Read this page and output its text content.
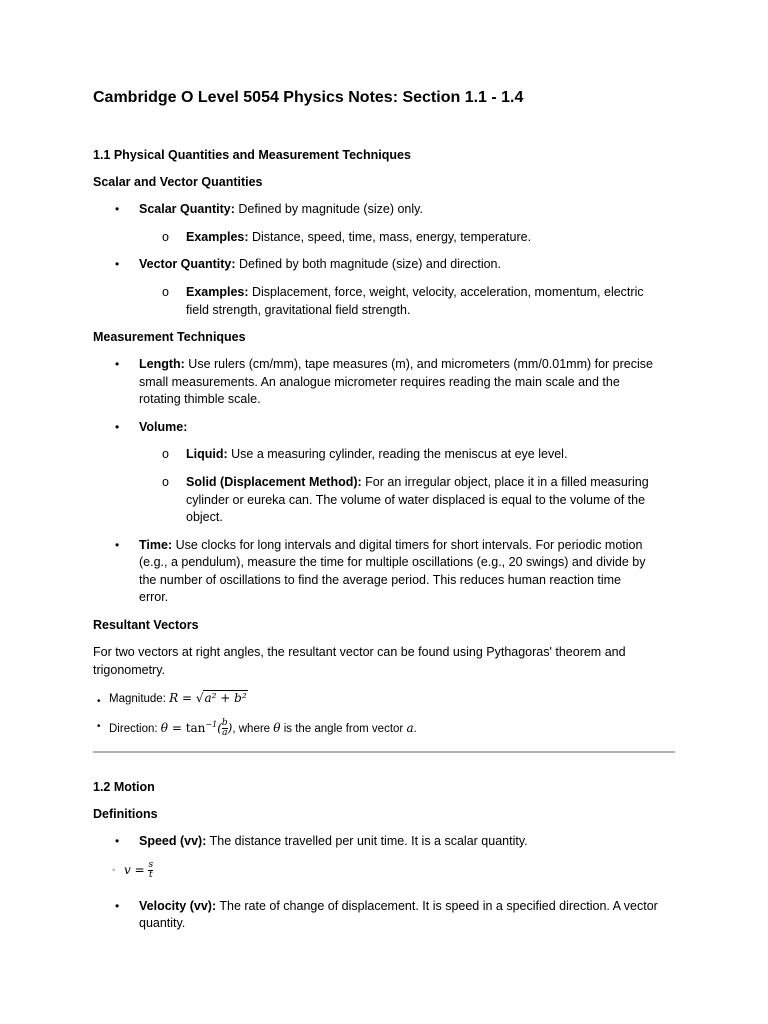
Cambridge O Level 5054 Physics Notes: Section 1.1 - 1.4
1.1 Physical Quantities and Measurement Techniques
Scalar and Vector Quantities
• Scalar Quantity: Defined by magnitude (size) only.
o Examples: Distance, speed, time, mass, energy, temperature.
• Vector Quantity: Defined by both magnitude (size) and direction.
o Examples: Displacement, force, weight, velocity, acceleration, momentum, electric
field strength, gravitational field strength.
Measurement Techniques
• Length: Use rulers (cm/mm), tape measures (m), and micrometers (mm/0.01mm) for precise
small measurements. An analogue micrometer requires reading the main scale and the
rotating thimble scale.
• Volume:
o Liquid: Use a measuring cylinder, reading the meniscus at eye level.
o Solid (Displacement Method): For an irregular object, place it in a filled measuring
cylinder or eureka can. The volume of water displaced is equal to the volume of the
object.
• Time: Use clocks for long intervals and digital timers for short intervals. For periodic motion
(e.g., a pendulum), measure the time for multiple oscillations (e.g., 20 swings) and divide by
the number of oscillations to find the average period. This reduces human reaction time
error.
Resultant Vectors
For two vectors at right angles, the resultant vector can be found using Pythagoras' theorem and
trigonometry.
• Magnitude: R = √a² + b²
• Direction: $\theta = \tan^{-1}( \frac{b}{a}$ ), where θ is the angle from vector a.
1.2 Motion
Definitions
• Speed (vv): The distance travelled per unit time. It is a scalar quantity.
◦ $v = \frac{s}{t}$
• Velocity (vv): The rate of change of displacement. It is speed in a specified direction. A vector
quantity.
